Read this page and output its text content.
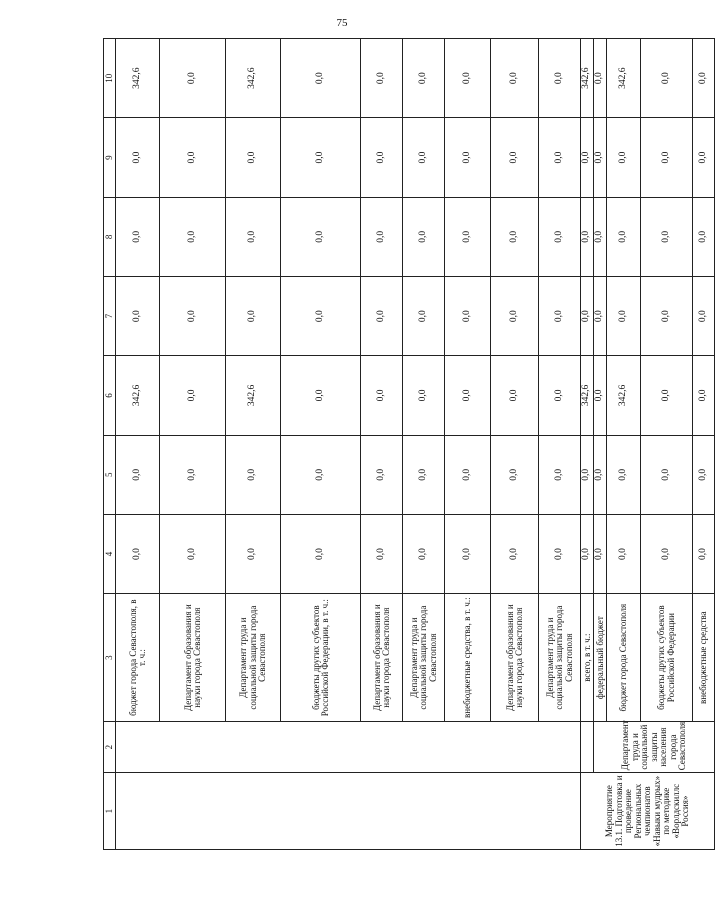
75
1	2	3	4	5	6	7	8	9	10
		бюджет города Севастополя, в т. ч.:	0,0	0,0	342,6	0,0	0,0	0,0	342,6
		Департамент образования и науки города Севастополя	0,0	0,0	0,0	0,0	0,0	0,0	0,0
		Департамент труда и социальной защиты города Севастополя	0,0	0,0	342,6	0,0	0,0	0,0	342,6
		бюджеты других субъектов Российской Федерации, в т. ч.:	0,0	0,0	0,0	0,0	0,0	0,0	0,0
		Департамент образования и науки города Севастополя	0,0	0,0	0,0	0,0	0,0	0,0	0,0
		Департамент труда и социальной защиты города Севастополя	0,0	0,0	0,0	0,0	0,0	0,0	0,0
		внебюджетные средства, в т. ч.:	0,0	0,0	0,0	0,0	0,0	0,0	0,0
		Департамент образования и науки города Севастополя	0,0	0,0	0,0	0,0	0,0	0,0	0,0
		Департамент труда и социальной защиты города Севастополя	0,0	0,0	0,0	0,0	0,0	0,0	0,0
Мероприятие 13.1. Подготовка и проведение Региональных чемпионатов «Навыки мудрых» по методике «Ворлдскиллс Россия»		всего, в т. ч.:	0,0	0,0	342,6	0,0	0,0	0,0	342,6
	Департамент труда и социальной защиты населения города Севастополя	федеральный бюджет	0,0	0,0	0,0	0,0	0,0	0,0	0,0
		бюджет города Севастополя	0,0	0,0	342,6	0,0	0,0	0,0	342,6
		бюджеты других субъектов Российской Федерации	0,0	0,0	0,0	0,0	0,0	0,0	0,0
		внебюджетные средства	0,0	0,0	0,0	0,0	0,0	0,0	0,0
